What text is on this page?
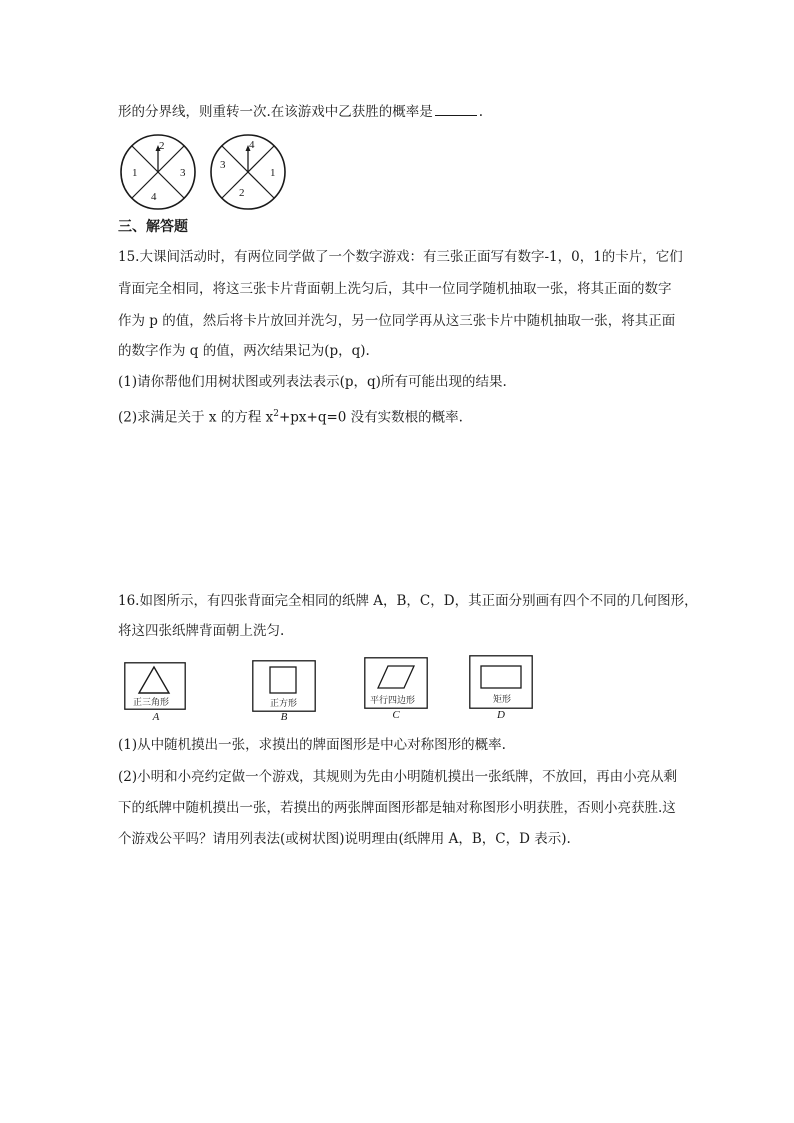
形的分界线，则重转一次.在该游戏中乙获胜的概率是	.
1
2
3
4
3
4
1
2
三、解答题
15.大课间活动时，有两位同学做了一个数字游戏：有三张正面写有数字-1，0，1的卡片，它们
背面完全相同，将这三张卡片背面朝上洗匀后，其中一位同学随机抽取一张，将其正面的数字
作为 p 的值，然后将卡片放回并洗匀，另一位同学再从这三张卡片中随机抽取一张，将其正面
的数字作为 q 的值，两次结果记为(p，q).
(1)请你帮他们用树状图或列表法表示(p，q)所有可能出现的结果.
(2)求满足关于 x 的方程 $x^2+px+q=0$ 没有实数根的概率.
16.如图所示，有四张背面完全相同的纸牌 A，B，C，D，其正面分别画有四个不同的几何图形，
将这四张纸牌背面朝上洗匀.
正三角形
A
正方形
B
平行四边形
C
矩形
D
(1)从中随机摸出一张，求摸出的牌面图形是中心对称图形的概率.
(2)小明和小亮约定做一个游戏，其规则为先由小明随机摸出一张纸牌，不放回，再由小亮从剩
下的纸牌中随机摸出一张，若摸出的两张牌面图形都是轴对称图形小明获胜，否则小亮获胜.这
个游戏公平吗？请用列表法(或树状图)说明理由(纸牌用 A，B，C，D 表示).
